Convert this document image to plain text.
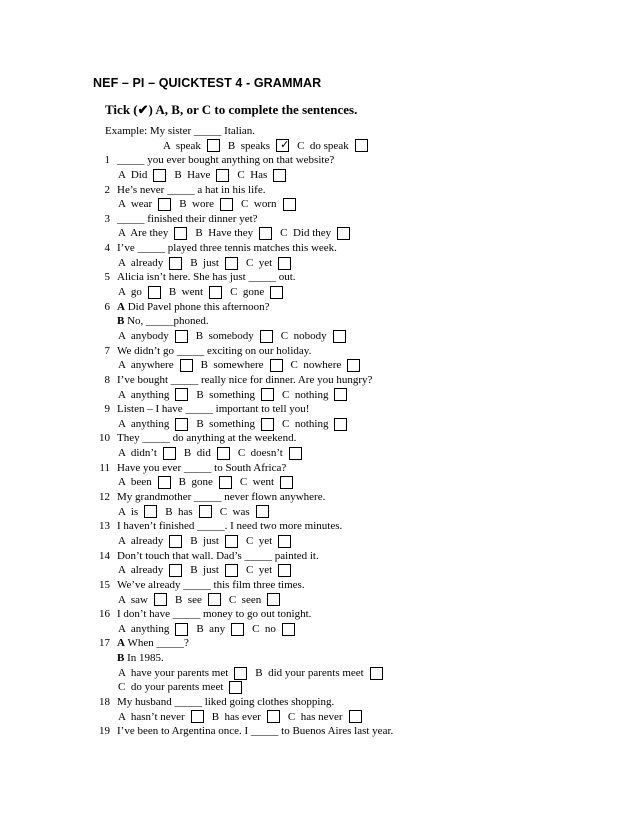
NEF – PI – QUICKTEST 4 - GRAMMAR
Tick (✔) A, B, or C to complete the sentences.
Example: My sister _____ Italian.
A  speak B  speaks ✓ C  do speak
1 _____ you ever bought anything on that website?
A  Did B  Have C  Has
2 He’s never _____ a hat in his life.
A  wear B  wore C  worn
3 _____ finished their dinner yet?
A  Are they B  Have they C  Did they
4 I’ve _____ played three tennis matches this week.
A  already B  just C  yet
5 Alicia isn’t here. She has just _____ out.
A  go B  went C  gone
6 A Did Pavel phone this afternoon?
B No, _____phoned.
A  anybody B  somebody C  nobody
7 We didn’t go _____ exciting on our holiday.
A  anywhere B  somewhere C  nowhere
8 I’ve bought _____ really nice for dinner. Are you hungry?
A  anything B  something C  nothing
9 Listen – I have _____ important to tell you!
A  anything B  something C  nothing
10 They _____ do anything at the weekend.
A  didn’t B  did C  doesn’t
11 Have you ever _____ to South Africa?
A  been B  gone C  went
12 My grandmother _____ never flown anywhere.
A  is B  has C  was
13 I haven’t finished _____. I need two more minutes.
A  already B  just C  yet
14 Don’t touch that wall. Dad’s _____ painted it.
A  already B  just C  yet
15 We’ve already _____ this film three times.
A  saw B  see C  seen
16 I don’t have _____ money to go out tonight.
A  anything B  any C  no
17 A When _____?
B In 1985.
A  have your parents met B  did your parents meet
C  do your parents meet
18 My husband _____ liked going clothes shopping.
A  hasn’t never B  has ever C  has never
19 I’ve been to Argentina once. I _____ to Buenos Aires last year.
